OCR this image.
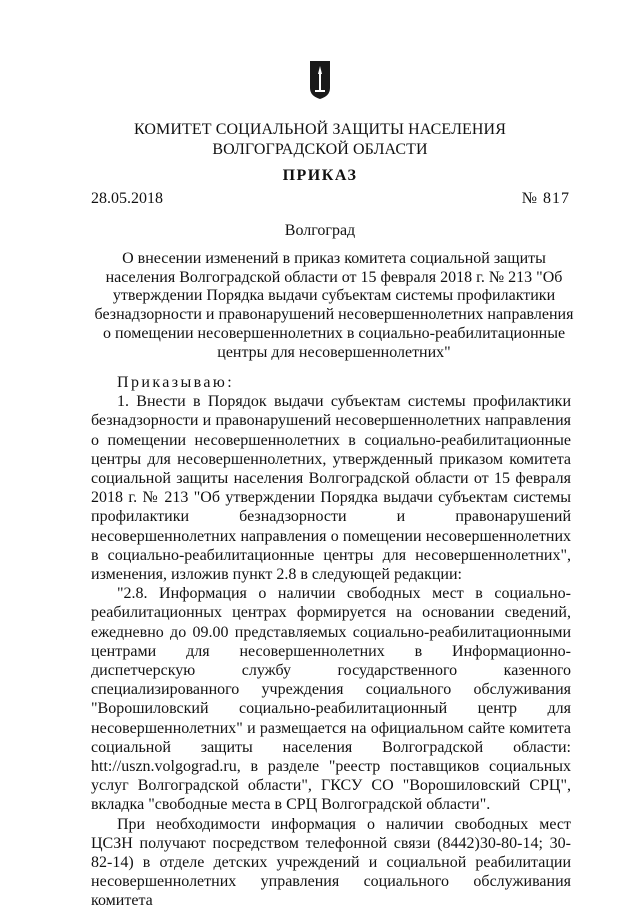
КОМИТЕТ СОЦИАЛЬНОЙ ЗАЩИТЫ НАСЕЛЕНИЯ
ВОЛГОГРАДСКОЙ ОБЛАСТИ
ПРИКАЗ
28.05.2018	№ 817
Волгоград
О внесении изменений в приказ комитета социальной защиты населения Волгоградской области от 15 февраля 2018 г. № 213 "Об утверждении Порядка выдачи субъектам системы профилактики безнадзорности и правонарушений несовершеннолетних направления о помещении несовершеннолетних в социально-реабилитационные центры для несовершеннолетних"

Приказываю:

1. Внести в Порядок выдачи субъектам системы профилактики безнадзорности и правонарушений несовершеннолетних направления о помещении несовершеннолетних в социально-реабилитационные центры для несовершеннолетних, утвержденный приказом комитета социальной защиты населения Волгоградской области от 15 февраля 2018 г. № 213 "Об утверждении Порядка выдачи субъектам системы профилактики безнадзорности и правонарушений несовершеннолетних направления о помещении несовершеннолетних в социально-реабилитационные центры для несовершеннолетних", изменения, изложив пункт 2.8 в следующей редакции:

"2.8. Информация о наличии свободных мест в социально-реабилитационных центрах формируется на основании сведений, ежедневно до 09.00 представляемых социально-реабилитационными центрами для несовершеннолетних в Информационно-диспетчерскую службу государственного казенного специализированного учреждения социального обслуживания "Ворошиловский социально-реабилитационный центр для несовершеннолетних" и размещается на официальном сайте комитета социальной защиты населения Волгоградской области: htt://uszn.volgograd.ru, в разделе "реестр поставщиков социальных услуг Волгоградской области", ГКСУ СО "Ворошиловский СРЦ", вкладка "свободные места в СРЦ Волгоградской области".

При необходимости информация о наличии свободных мест ЦСЗН получают посредством телефонной связи (8442)30-80-14; 30-82-14) в отделе детских учреждений и социальной реабилитации несовершеннолетних управления социального обслуживания комитета
